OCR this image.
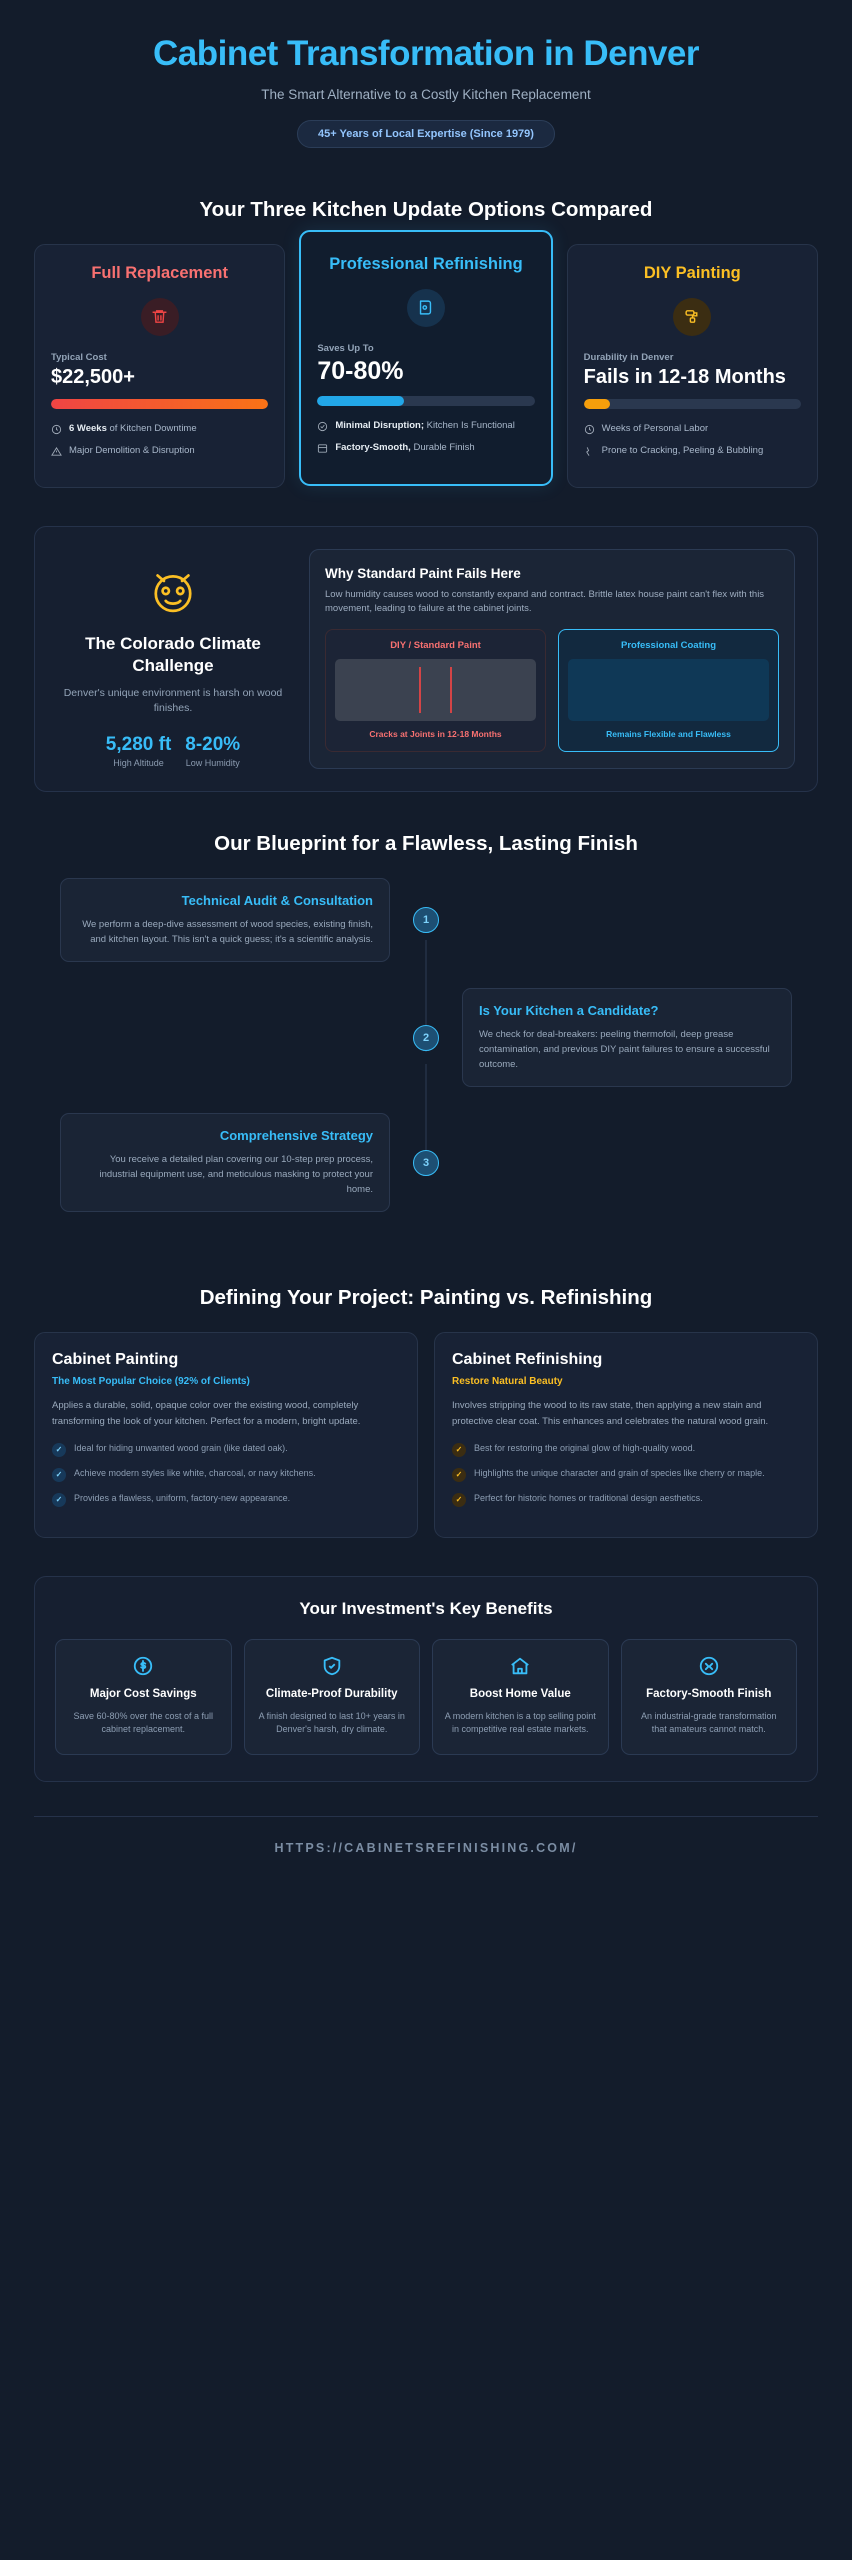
Cabinet Transformation in Denver
The Smart Alternative to a Costly Kitchen Replacement
45+ Years of Local Expertise (Since 1979)
Your Three Kitchen Update Options Compared
Full Replacement
Typical Cost
$22,500+
6 Weeks of Kitchen Downtime
Major Demolition & Disruption
Professional Refinishing
Saves Up To
70-80%
Minimal Disruption; Kitchen Is Functional
Factory-Smooth, Durable Finish
DIY Painting
Durability in Denver
Fails in 12-18 Months
Weeks of Personal Labor
Prone to Cracking, Peeling & Bubbling
The Colorado Climate Challenge

Denver's unique environment is harsh on wood finishes.

5,280 ft
High Altitude
8-20%
Low Humidity
Why Standard Paint Fails Here

Low humidity causes wood to constantly expand and contract. Brittle latex house paint can't flex with this movement, leading to failure at the cabinet joints.

DIY / Standard Paint
Cracks at Joints in 12-18 Months
Professional Coating
Remains Flexible and Flawless
Our Blueprint for a Flawless, Lasting Finish
Technical Audit & Consultation

We perform a deep-dive assessment of wood species, existing finish, and kitchen layout. This isn't a quick guess; it's a scientific analysis.

1
2
Is Your Kitchen a Candidate?

We check for deal-breakers: peeling thermofoil, deep grease contamination, and previous DIY paint failures to ensure a successful outcome.

Comprehensive Strategy

You receive a detailed plan covering our 10-step prep process, industrial equipment use, and meticulous masking to protect your home.

3
Defining Your Project: Painting vs. Refinishing
Cabinet Painting
The Most Popular Choice (92% of Clients)

Applies a durable, solid, opaque color over the existing wood, completely transforming the look of your kitchen. Perfect for a modern, bright update.

✓	Ideal for hiding unwanted wood grain (like dated oak).
✓	Achieve modern styles like white, charcoal, or navy kitchens.
✓	Provides a flawless, uniform, factory-new appearance.
Cabinet Refinishing
Restore Natural Beauty

Involves stripping the wood to its raw state, then applying a new stain and protective clear coat. This enhances and celebrates the natural wood grain.

✓	Best for restoring the original glow of high-quality wood.
✓	Highlights the unique character and grain of species like cherry or maple.
✓	Perfect for historic homes or traditional design aesthetics.
Your Investment's Key Benefits
Major Cost Savings

Save 60-80% over the cost of a full cabinet replacement.

Climate-Proof Durability

A finish designed to last 10+ years in Denver's harsh, dry climate.

Boost Home Value

A modern kitchen is a top selling point in competitive real estate markets.

Factory-Smooth Finish

An industrial-grade transformation that amateurs cannot match.

HTTPS://CABINETSREFINISHING.COM/
